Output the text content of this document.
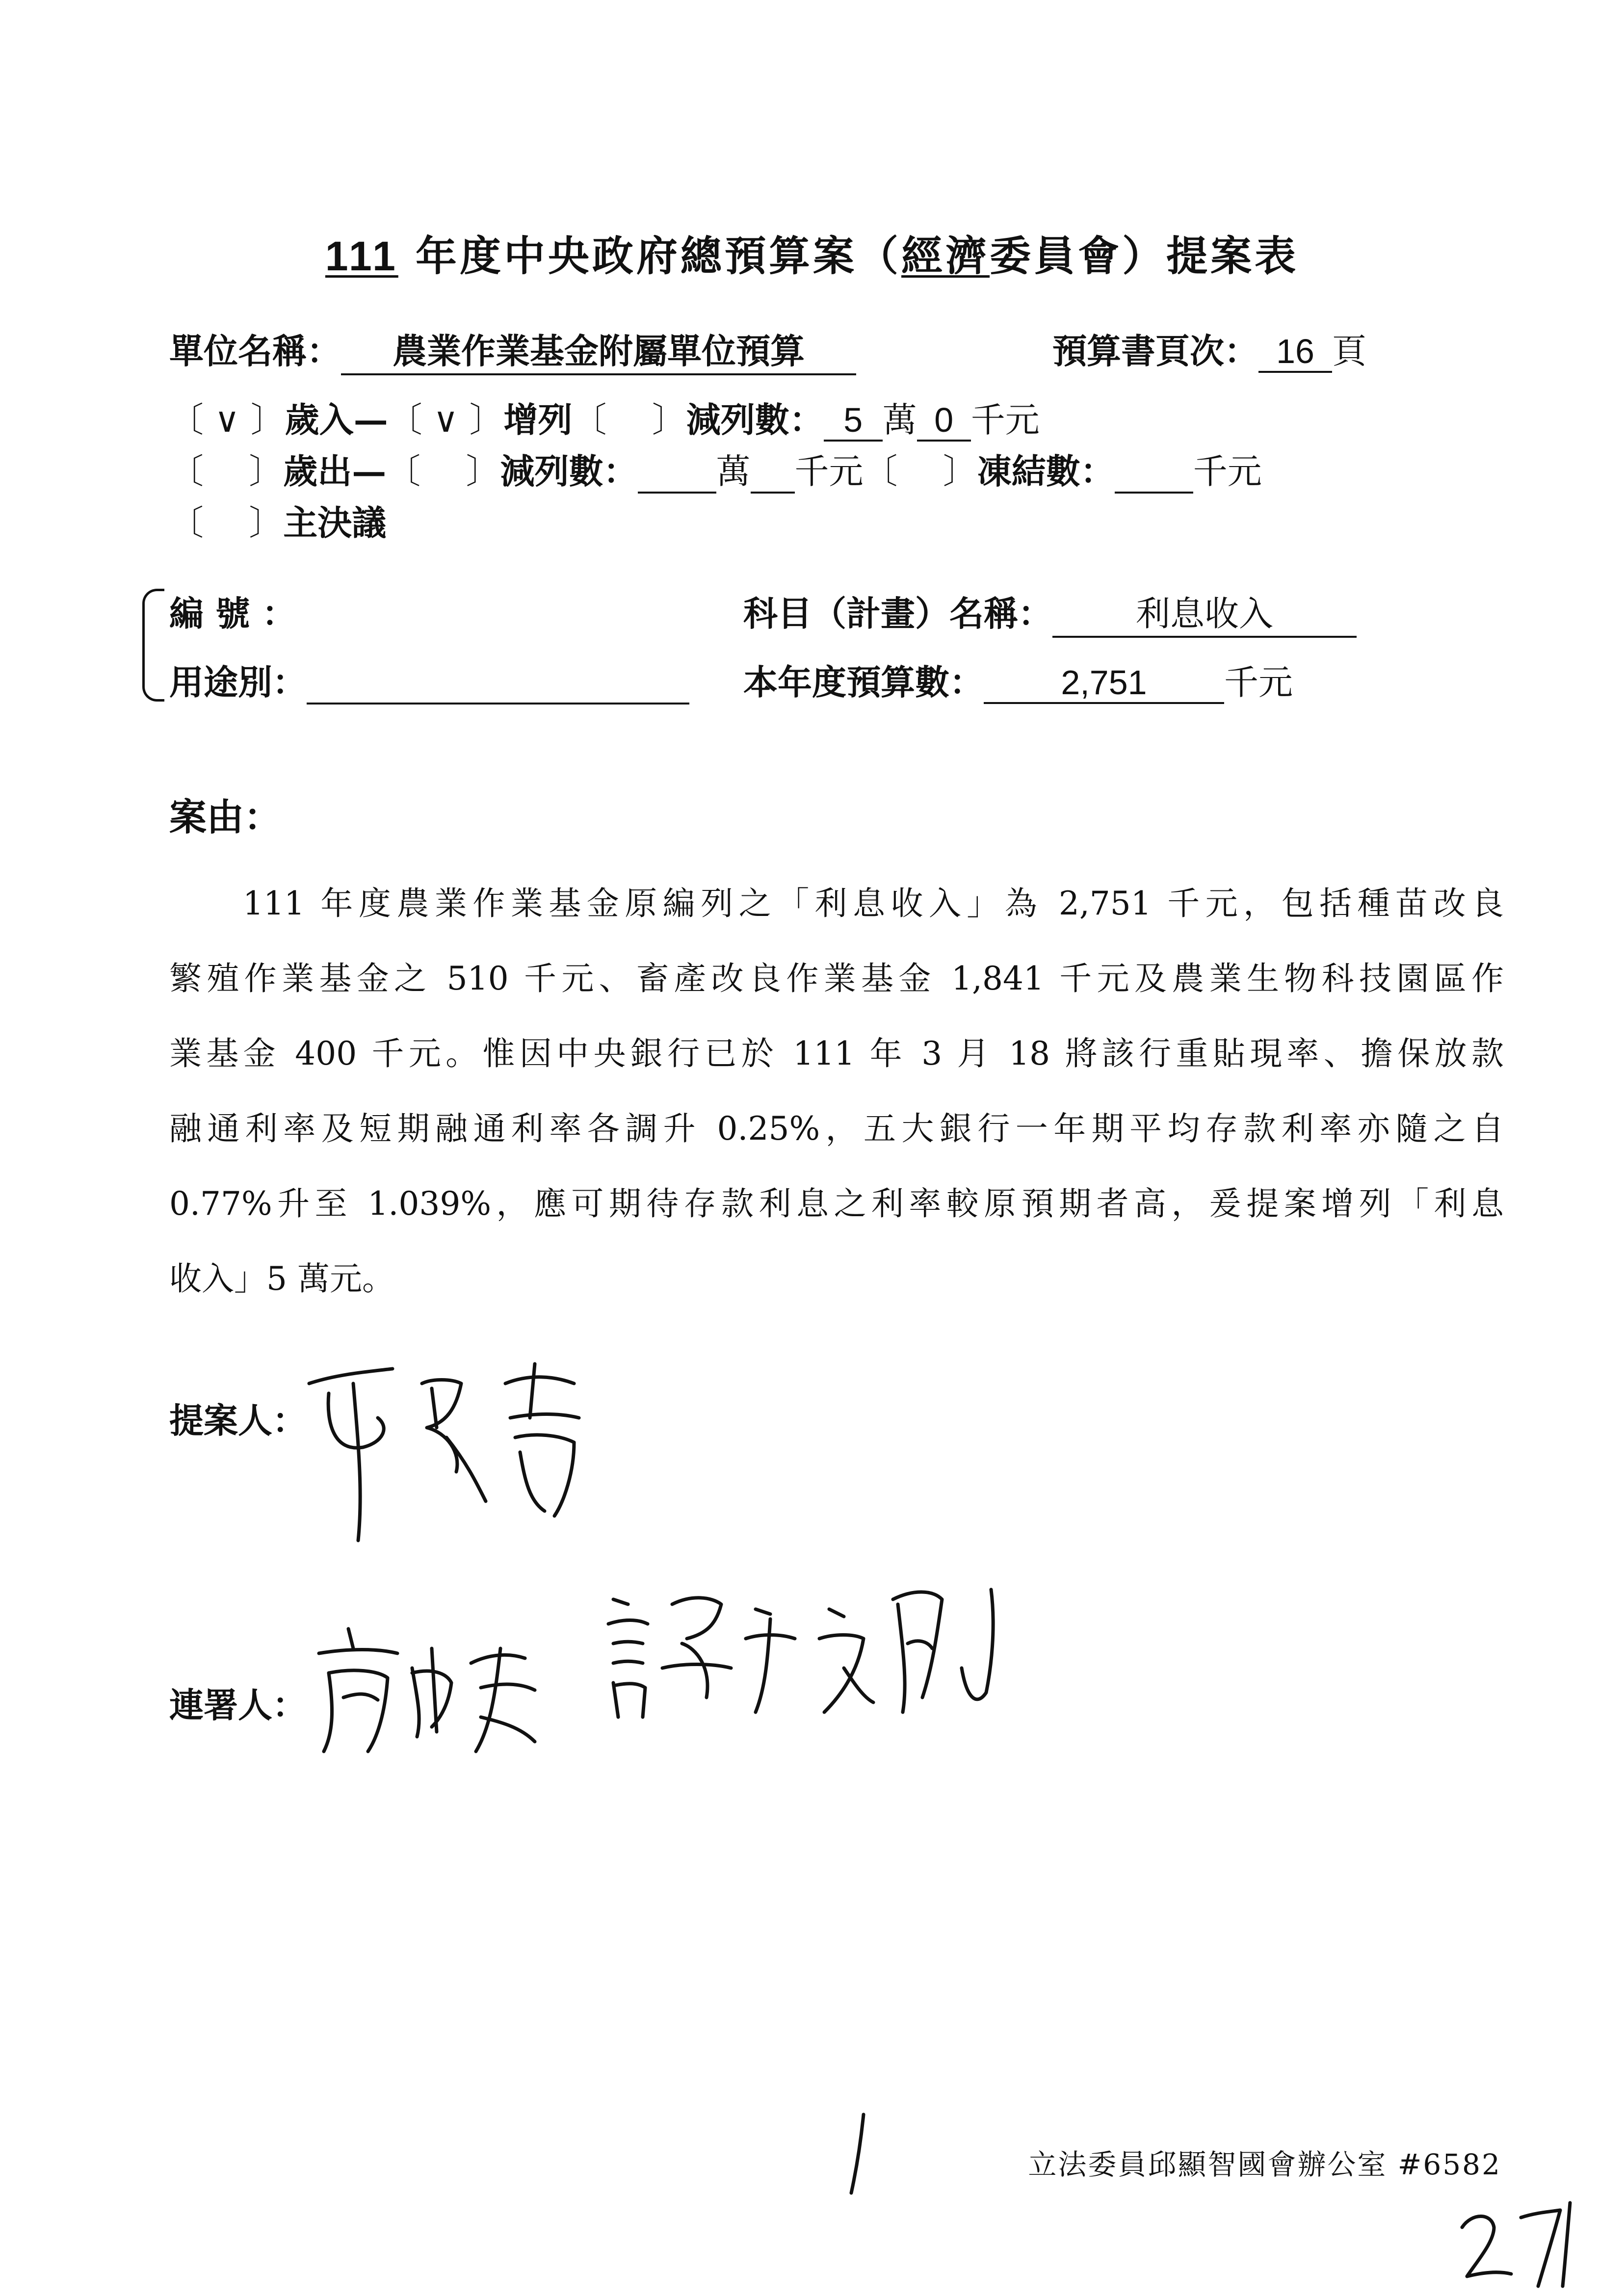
111 年度中央政府總預算案（經濟委員會）提案表
單位名稱： 農業作業基金附屬單位預算	預算書頁次： 16 頁
〔 ∨ 〕歲入—〔 ∨ 〕增列〔　 〕減列數： 5 萬 0 千元
〔　 〕歲出—〔　 〕減列數： 萬 千元〔　 〕凍結數： 千元
〔　 〕主決議
編 號 ：
用途別：
科目（計畫）名稱： 利息收入
本年度預算數： 2,751 千元
案由：

111 年度農業作業基金原編列之「利息收入」為 2,751 千元，包括種苗改良

繁殖作業基金之 510 千元、畜產改良作業基金 1,841 千元及農業生物科技園區作

業基金 400 千元。惟因中央銀行已於 111 年 3 月 18 將該行重貼現率、擔保放款

融通利率及短期融通利率各調升 0.25%，五大銀行一年期平均存款利率亦隨之自

0.77%升至 1.039%，應可期待存款利息之利率較原預期者高，爰提案增列「利息

收入」5 萬元。

提案人：
連署人：
立法委員邱顯智國會辦公室 #6582
